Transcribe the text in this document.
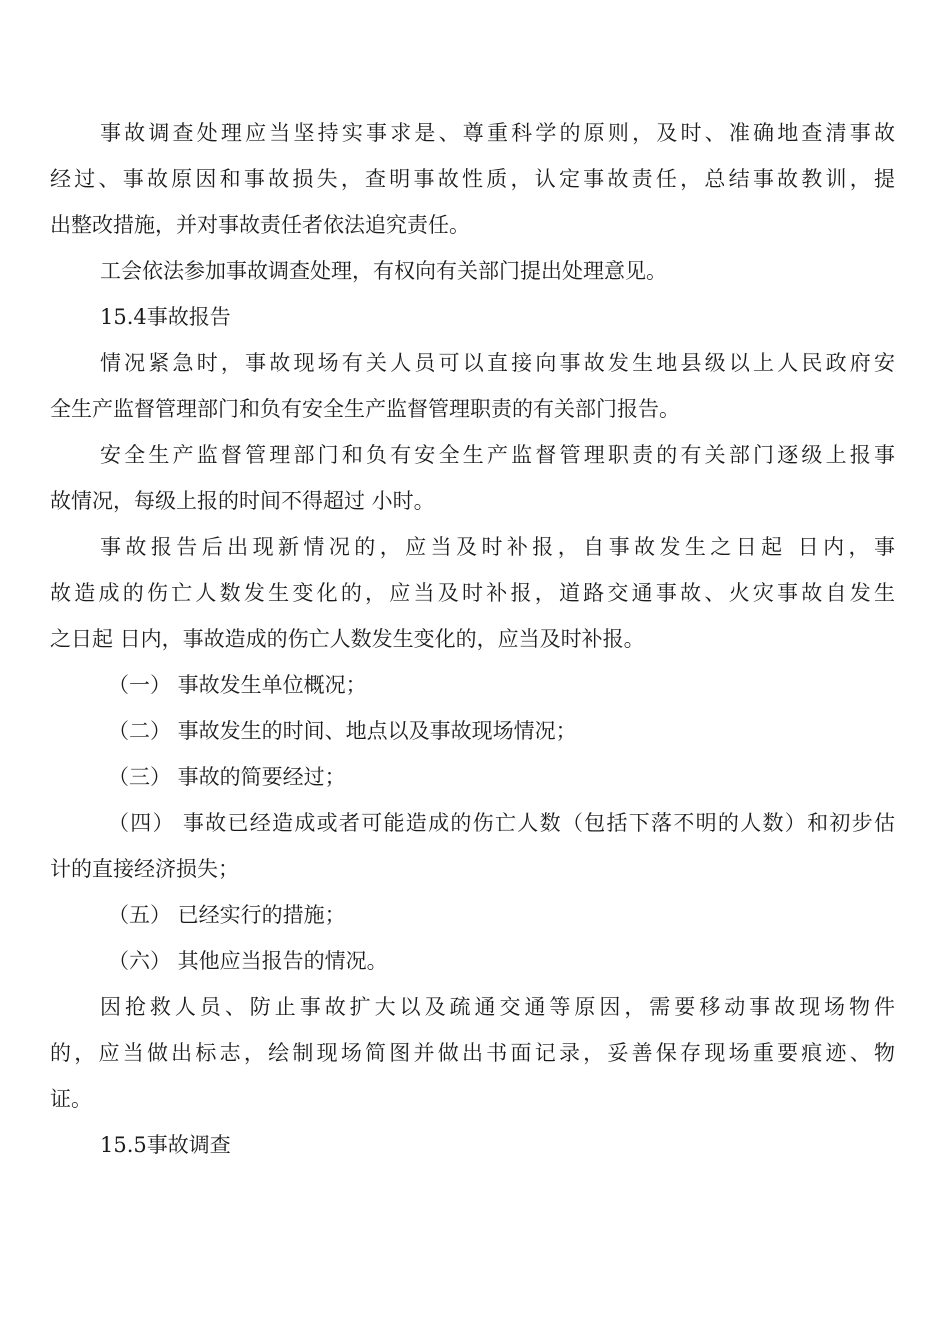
事故调查处理应当坚持实事求是、尊重科学的原则，及时、准确地查清事故
经过、事故原因和事故损失，查明事故性质，认定事故责任，总结事故教训，提
出整改措施，并对事故责任者依法追究责任。
工会依法参加事故调查处理，有权向有关部门提出处理意见。
15.4事故报告
情况紧急时，事故现场有关人员可以直接向事故发生地县级以上人民政府安
全生产监督管理部门和负有安全生产监督管理职责的有关部门报告。
安全生产监督管理部门和负有安全生产监督管理职责的有关部门逐级上报事
故情况，每级上报的时间不得超过 小时。
事故报告后出现新情况的，应当及时补报，自事故发生之日起 日内，事
故造成的伤亡人数发生变化的，应当及时补报，道路交通事故、火灾事故自发生
之日起 日内，事故造成的伤亡人数发生变化的，应当及时补报。
（一） 事故发生单位概况；
（二） 事故发生的时间、地点以及事故现场情况；
（三） 事故的简要经过；
（四） 事故已经造成或者可能造成的伤亡人数（包括下落不明的人数）和初步估
计的直接经济损失；
（五） 已经实行的措施；
（六） 其他应当报告的情况。
因抢救人员、防止事故扩大以及疏通交通等原因，需要移动事故现场物件
的，应当做出标志，绘制现场简图并做出书面记录，妥善保存现场重要痕迹、物
证。
15.5事故调查
